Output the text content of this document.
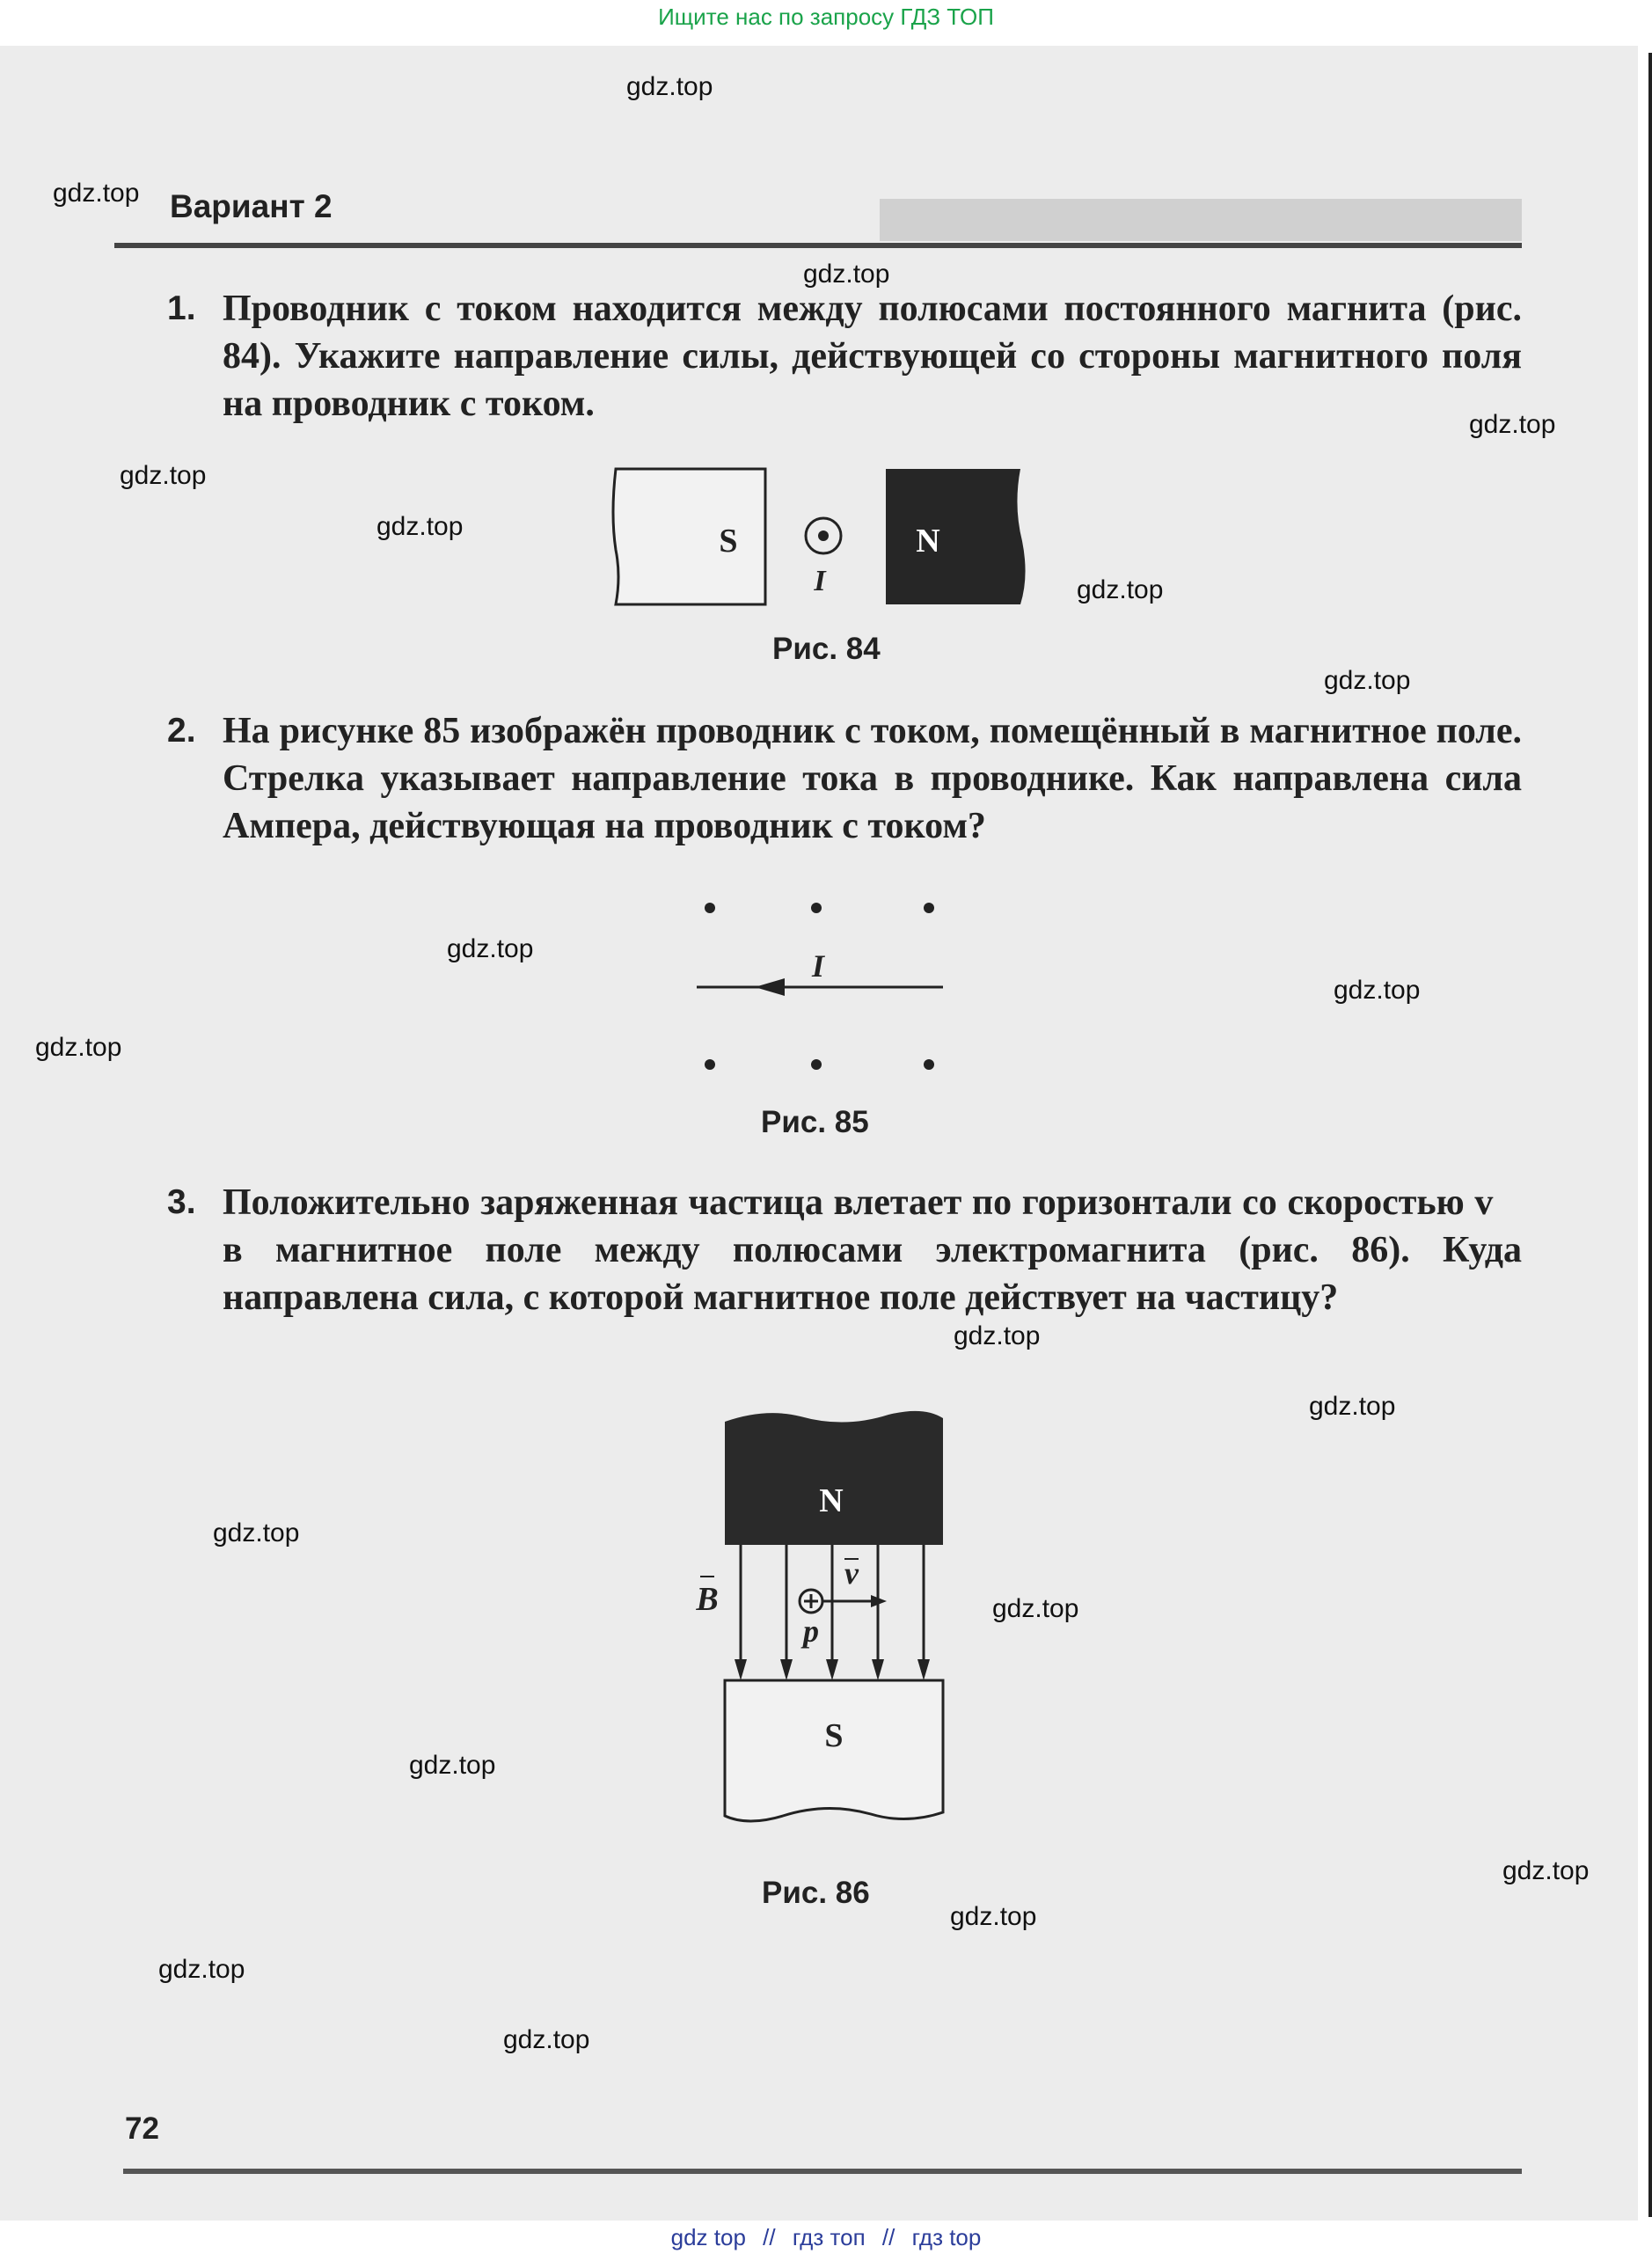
Ищите нас по запросу ГДЗ ТОП
Вариант 2
1. Проводник с током находится между полюсами постоянного магнита (рис. 84). Укажите направление силы, действующей со стороны магнитного поля на проводник с током.
S	N
I
Рис. 84
2. На рисунке 85 изображён проводник с током, помещённый в магнитное поле. Стрелка указывает направление тока в проводнике. Как направлена сила Ампера, действующая на проводник с током?
I
Рис. 85
3. Положительно заряженная частица влетает по горизонтали со скоростью v⃗ в магнитное поле между полюсами электромагнита (рис. 86). Куда направлена сила, с которой магнитное поле действует на частицу?
N
S
v
B
p
Рис. 86
72
gdz.top
gdz.top
gdz.top
gdz.top
gdz.top
gdz.top
gdz.top
gdz.top
gdz.top
gdz.top
gdz.top
gdz.top
gdz.top
gdz.top
gdz.top
gdz.top
gdz.top
gdz.top
gdz.top
gdz.top
gdz top // гдз топ // гдз top
